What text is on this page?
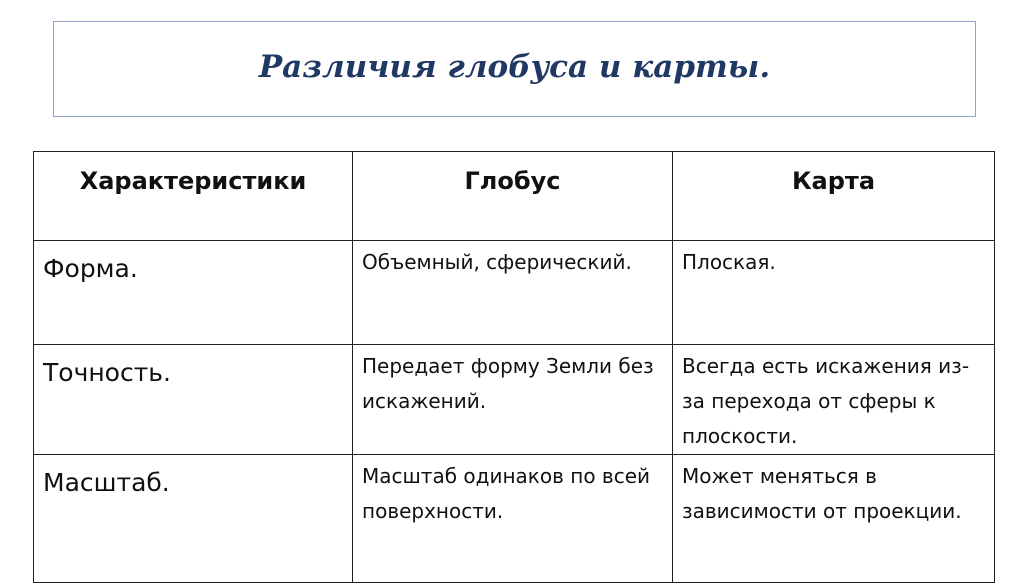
Различия глобуса и карты.
Характеристики	Глобус	Карта
Форма.	Объемный, сферический.	Плоская.
Точность.	Передает форму Земли без искажений.	Всегда есть искажения из-за перехода от сферы к плоскости.
Масштаб.	Масштаб одинаков по всей поверхности.	Может меняться в зависимости от проекции.
